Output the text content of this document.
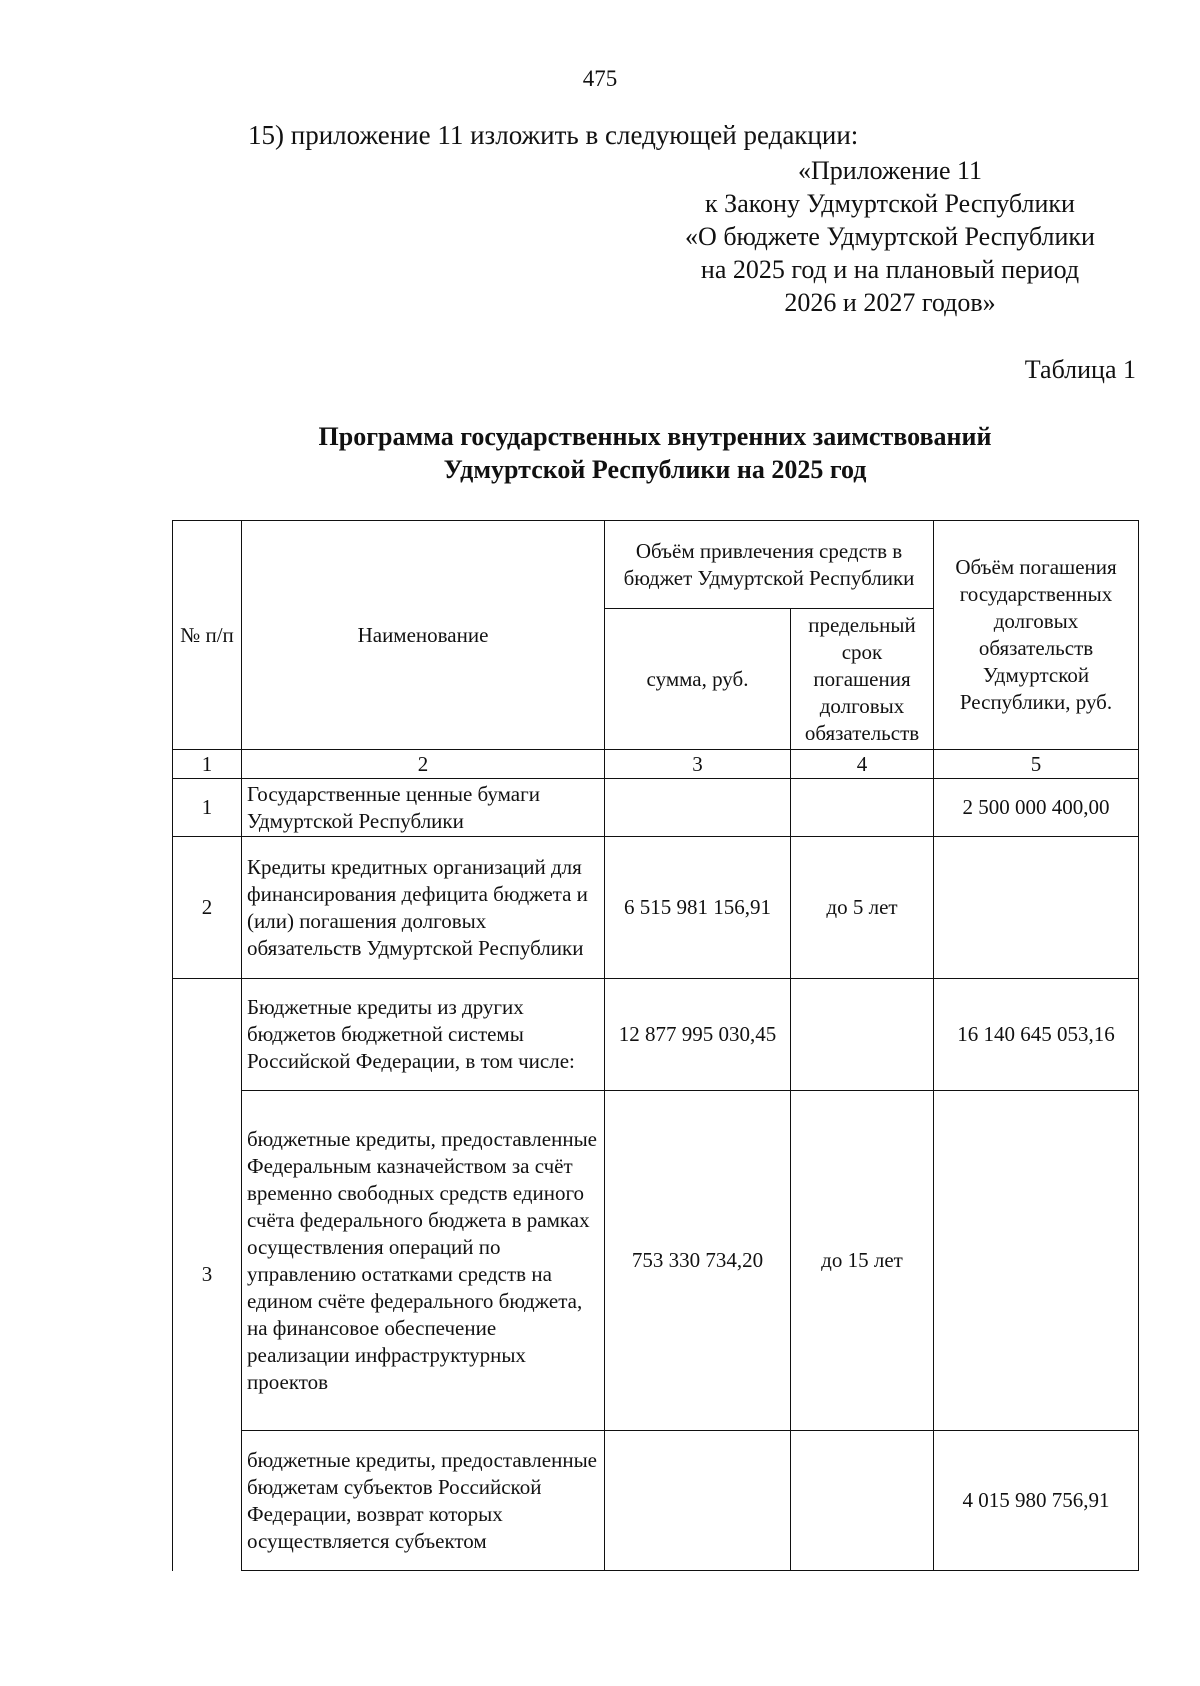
475
15) приложение 11 изложить в следующей редакции:
«Приложение 11
к Закону Удмуртской Республики
«О бюджете Удмуртской Республики
на 2025 год и на плановый период
2026 и 2027 годов»
Таблица 1
Программа государственных внутренних заимствований
Удмуртской Республики на 2025 год
№ п/п	Наименование	Объём привлечения средств в бюджет Удмуртской Республики		Объём погашения государственных долговых обязательств Удмуртской Республики, руб.
		сумма, руб.	предельный срок погашения долговых обязательств	
1	2	3	4	5
1	Государственные ценные бумаги Удмуртской Республики			2 500 000 400,00
2	Кредиты кредитных организаций для финансирования дефицита бюджета и (или) погашения долговых обязательств Удмуртской Республики	6 515 981 156,91	до 5 лет	
3	Бюджетные кредиты из других бюджетов бюджетной системы Российской Федерации, в том числе:	12 877 995 030,45		16 140 645 053,16
	бюджетные кредиты, предоставленные Федеральным казначейством за счёт временно свободных средств единого счёта федерального бюджета в рамках осуществления операций по управлению остатками средств на едином счёте федерального бюджета, на финансовое обеспечение реализации инфраструктурных проектов	753 330 734,20	до 15 лет	
	бюджетные кредиты, предоставленные бюджетам субъектов Российской Федерации, возврат которых осуществляется субъектом			4 015 980 756,91
